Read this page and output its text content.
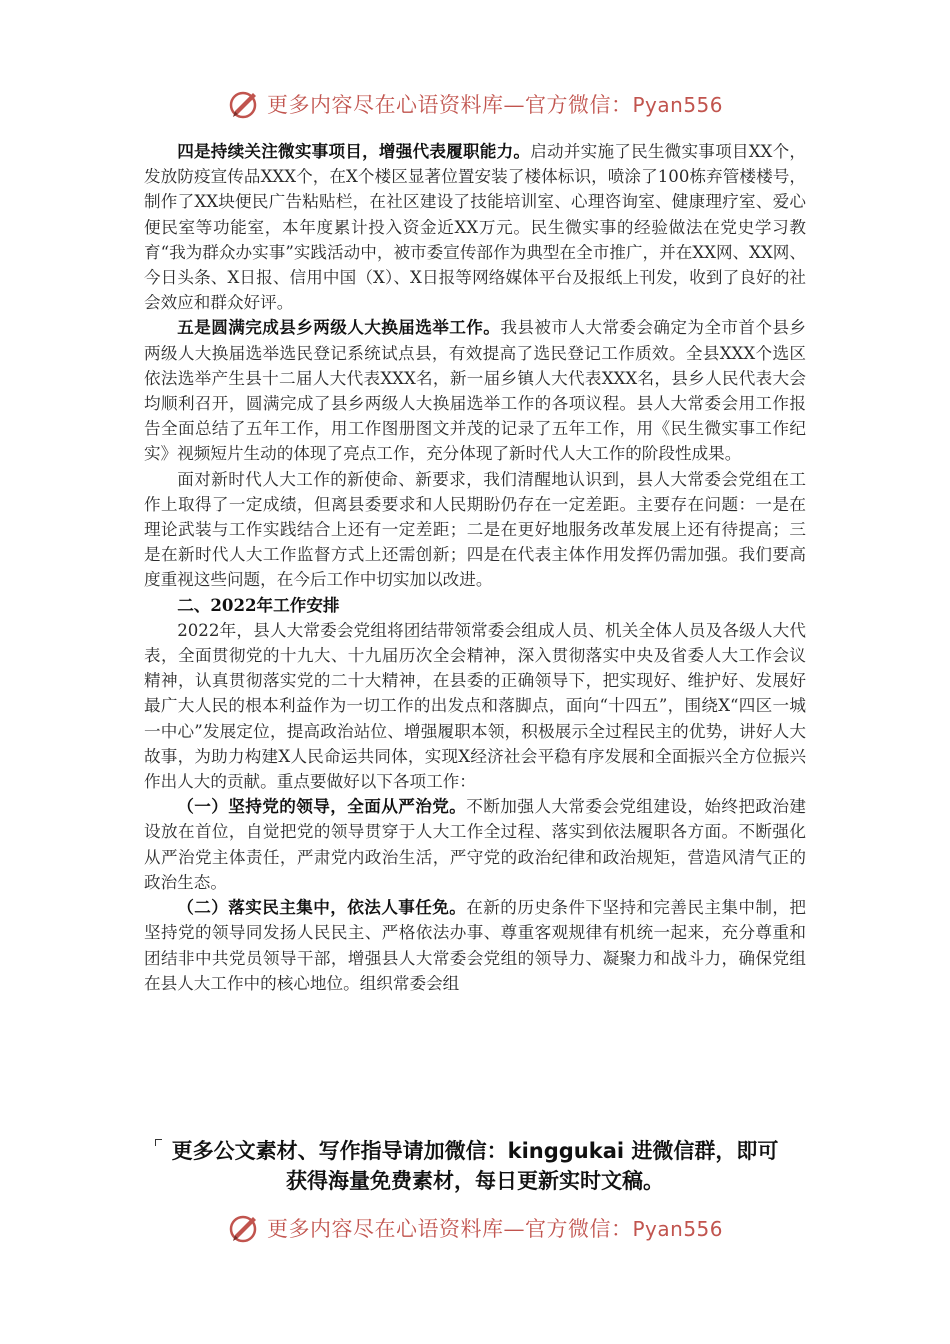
更多内容尽在心语资料库—官方微信：Pyan556

四是持续关注微实事项目，增强代表履职能力。启动并实施了民生微实事项目XX个，发放防疫宣传品XXX个，在X个楼区显著位置安装了楼体标识，喷涂了100栋弃管楼楼号，制作了XX块便民广告粘贴栏，在社区建设了技能培训室、心理咨询室、健康理疗室、爱心便民室等功能室，本年度累计投入资金近XX万元。民生微实事的经验做法在党史学习教育“我为群众办实事”实践活动中，被市委宣传部作为典型在全市推广，并在XX网、XX网、今日头条、X日报、信用中国（X）、X日报等网络媒体平台及报纸上刊发，收到了良好的社会效应和群众好评。

五是圆满完成县乡两级人大换届选举工作。我县被市人大常委会确定为全市首个县乡两级人大换届选举选民登记系统试点县，有效提高了选民登记工作质效。全县XXX个选区依法选举产生县十二届人大代表XXX名，新一届乡镇人大代表XXX名，县乡人民代表大会均顺利召开，圆满完成了县乡两级人大换届选举工作的各项议程。县人大常委会用工作报告全面总结了五年工作，用工作图册图文并茂的记录了五年工作，用《民生微实事工作纪实》视频短片生动的体现了亮点工作，充分体现了新时代人大工作的阶段性成果。

面对新时代人大工作的新使命、新要求，我们清醒地认识到，县人大常委会党组在工作上取得了一定成绩，但离县委要求和人民期盼仍存在一定差距。主要存在问题：一是在理论武装与工作实践结合上还有一定差距；二是在更好地服务改革发展上还有待提高；三是在新时代人大工作监督方式上还需创新；四是在代表主体作用发挥仍需加强。我们要高度重视这些问题，在今后工作中切实加以改进。

二、2022年工作安排

2022年，县人大常委会党组将团结带领常委会组成人员、机关全体人员及各级人大代表，全面贯彻党的十九大、十九届历次全会精神，深入贯彻落实中央及省委人大工作会议精神，认真贯彻落实党的二十大精神，在县委的正确领导下，把实现好、维护好、发展好最广大人民的根本利益作为一切工作的出发点和落脚点，面向“十四五”，围绕X“四区一城一中心”发展定位，提高政治站位、增强履职本领，积极展示全过程民主的优势，讲好人大故事，为助力构建X人民命运共同体，实现X经济社会平稳有序发展和全面振兴全方位振兴作出人大的贡献。重点要做好以下各项工作：

（一）坚持党的领导，全面从严治党。不断加强人大常委会党组建设，始终把政治建设放在首位，自觉把党的领导贯穿于人大工作全过程、落实到依法履职各方面。不断强化从严治党主体责任，严肃党内政治生活，严守党的政治纪律和政治规矩，营造风清气正的政治生态。

（二）落实民主集中，依法人事任免。在新的历史条件下坚持和完善民主集中制，把坚持党的领导同发扬人民民主、严格依法办事、尊重客观规律有机统一起来，充分尊重和团结非中共党员领导干部，增强县人大常委会党组的领导力、凝聚力和战斗力，确保党组在县人大工作中的核心地位。组织常委会组

更多公文素材、写作指导请加微信：kinggukai 进微信群，即可
获得海量免费素材，每日更新实时文稿。
更多内容尽在心语资料库—官方微信：Pyan556
